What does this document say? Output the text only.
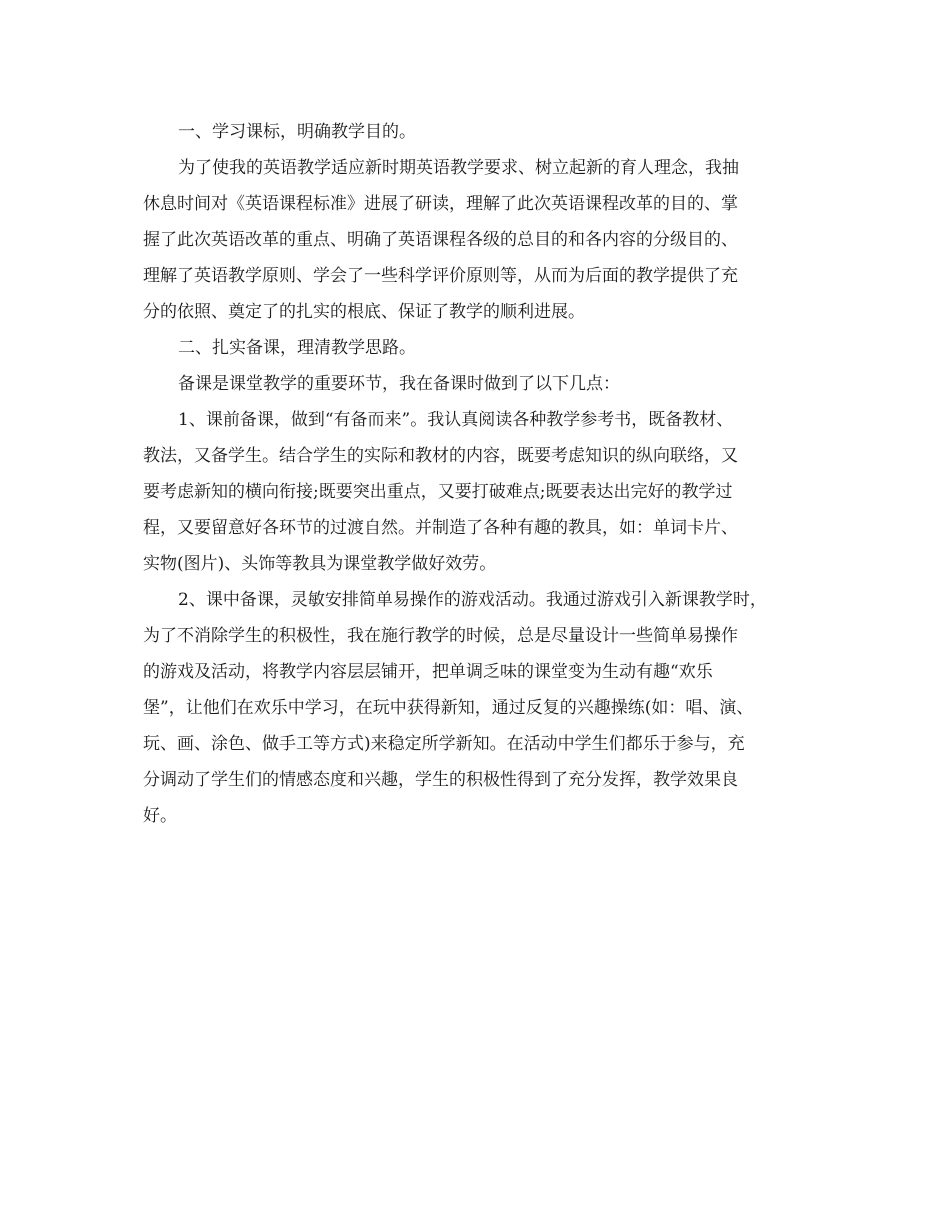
一、学习课标，明确教学目的。
为了使我的英语教学适应新时期英语教学要求、树立起新的育人理念，我抽
休息时间对《英语课程标准》进展了研读，理解了此次英语课程改革的目的、掌
握了此次英语改革的重点、明确了英语课程各级的总目的和各内容的分级目的、
理解了英语教学原则、学会了一些科学评价原则等，从而为后面的教学提供了充
分的依照、奠定了的扎实的根底、保证了教学的顺利进展。
二、扎实备课，理清教学思路。
备课是课堂教学的重要环节，我在备课时做到了以下几点：
1、课前备课，做到“有备而来”。我认真阅读各种教学参考书，既备教材、
教法，又备学生。结合学生的实际和教材的内容，既要考虑知识的纵向联络，又
要考虑新知的横向衔接;既要突出重点，又要打破难点;既要表达出完好的教学过
程，又要留意好各环节的过渡自然。并制造了各种有趣的教具，如：单词卡片、
实物(图片)、头饰等教具为课堂教学做好效劳。
2、课中备课，灵敏安排简单易操作的游戏活动。我通过游戏引入新课教学时，
为了不消除学生的积极性，我在施行教学的时候，总是尽量设计一些简单易操作
的游戏及活动，将教学内容层层铺开，把单调乏味的课堂变为生动有趣“欢乐
堡”，让他们在欢乐中学习，在玩中获得新知，通过反复的兴趣操练(如：唱、演、
玩、画、涂色、做手工等方式)来稳定所学新知。在活动中学生们都乐于参与，充
分调动了学生们的情感态度和兴趣，学生的积极性得到了充分发挥，教学效果良
好。
